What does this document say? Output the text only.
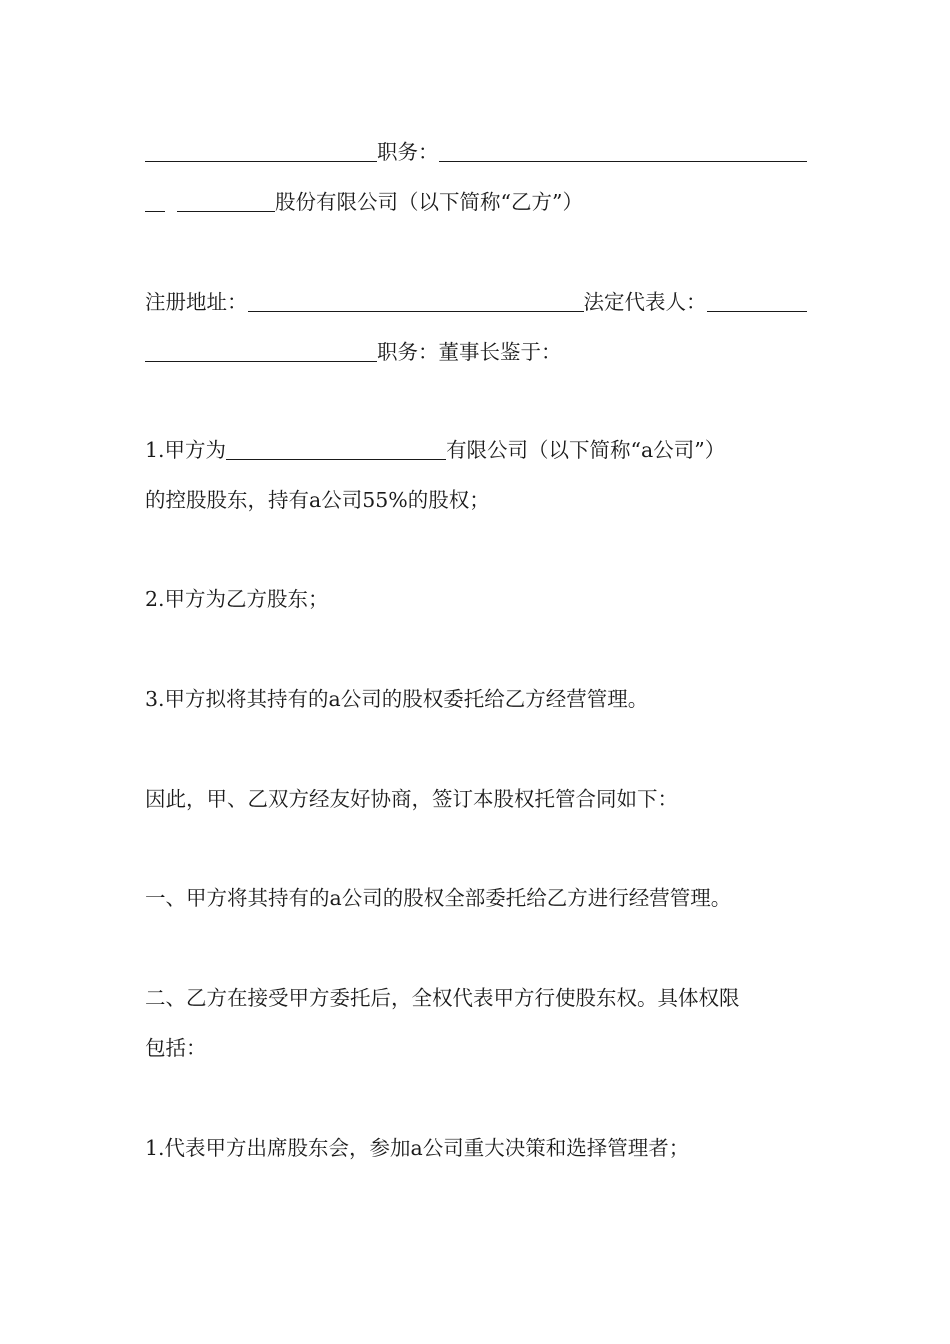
职务：
股份有限公司（以下简称“乙方”）
注册地址：	法定代表人：
职务：董事长鉴于：
1.甲方为	有限公司（以下简称“a公司”）
的控股股东，持有a公司55%的股权；
2.甲方为乙方股东；
3.甲方拟将其持有的a公司的股权委托给乙方经营管理。
因此，甲、乙双方经友好协商，签订本股权托管合同如下：
一、甲方将其持有的a公司的股权全部委托给乙方进行经营管理。
二、乙方在接受甲方委托后，全权代表甲方行使股东权。具体权限
包括：
1.代表甲方出席股东会，参加a公司重大决策和选择管理者；
